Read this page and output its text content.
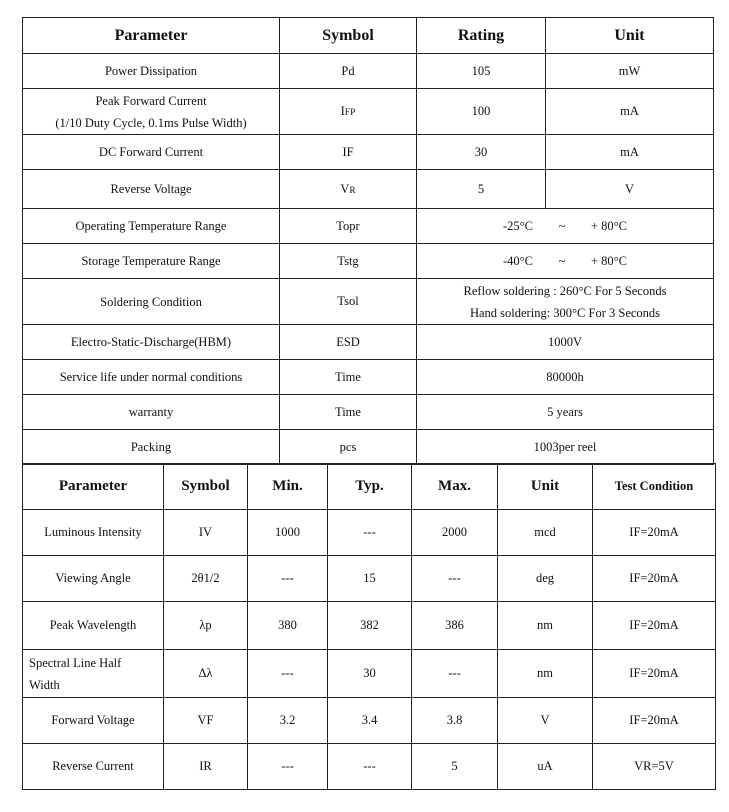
Parameter	Symbol	Rating	Unit
Power Dissipation	Pd	105	mW

Peak Forward Current
(1/10 Duty Cycle, 0.1ms Pulse Width)	IFP	100	mA
DC Forward Current	IF	30	mA
Reverse Voltage	VR	5	V
Operating Temperature Range	Topr	-25°C ~ + 80°C	
Storage Temperature Range	Tstg	-40°C ~ + 80°C	
Soldering Condition	Tsol	Reflow soldering : 260°C For 5 Seconds
Hand soldering: 300°C For 3 Seconds	

Electro-Static-Discharge(HBM)	ESD	1000V	
Service life under normal conditions	Time	80000h	
warranty	Time	5 years	
Packing	pcs	1003per reel	
Parameter	Symbol	Min.	Typ.	Max.	Unit	Test Condition
Luminous Intensity	IV	1000	---	2000	mcd	IF=20mA
Viewing Angle	2θ1/2	---	15	---	deg	IF=20mA
Peak Wavelength	λp	380	382	386	nm	IF=20mA

Spectral Line Half
Width	Δλ	---	30	---	nm	IF=20mA
Forward Voltage	VF	3.2	3.4	3.8	V	IF=20mA
Reverse Current	IR	---	---	5	uA	VR=5V
